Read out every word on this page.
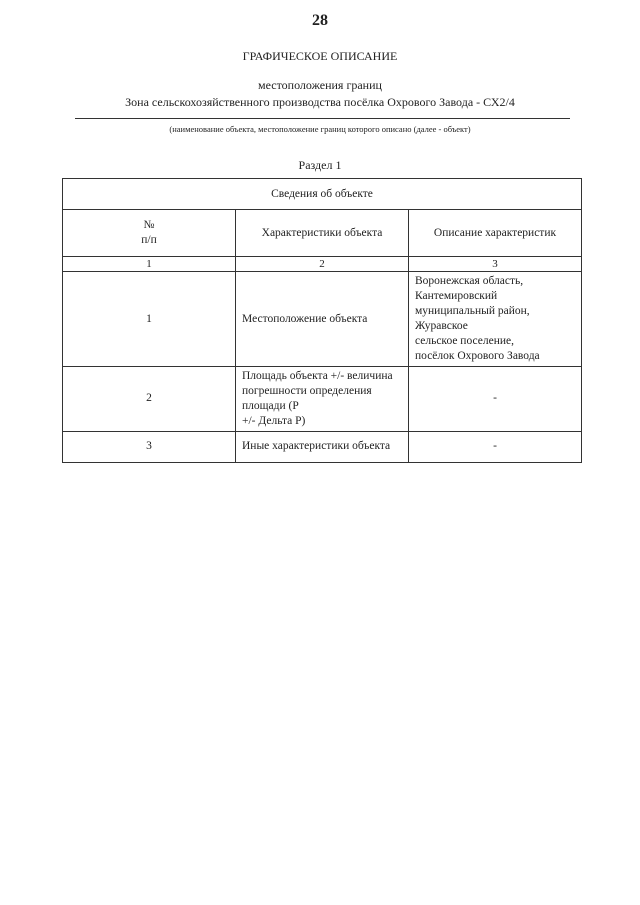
28
ГРАФИЧЕСКОЕ ОПИСАНИЕ
местоположения границ
Зона сельскохозяйственного производства посёлка Охрового Завода - СХ2/4
(наименование объекта, местоположение границ которого описано (далее - объект)
Раздел 1
Сведения об объекте		
№
п/п	Характеристики объекта	Описание характеристик
1	2	3
1	Местоположение объекта	Воронежская область, Кантемировский
муниципальный район, Журавское
сельское поселение,
посёлок Охрового Завода
2	Площадь объекта +/- величина
погрешности определения площади (Р
+/- Дельта Р)	-
3	Иные характеристики объекта	-
